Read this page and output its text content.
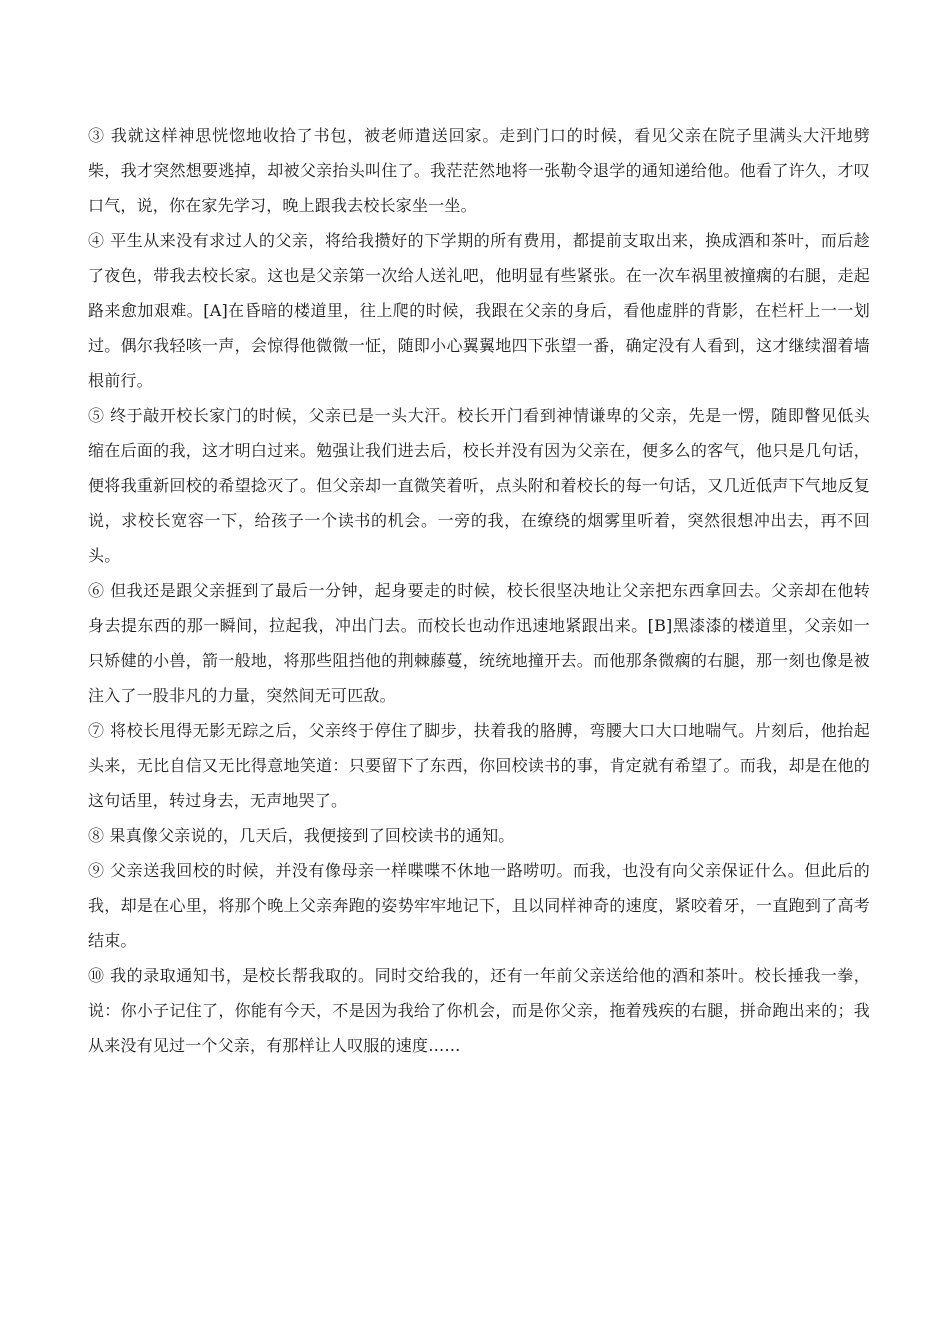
③ 我就这样神思恍惚地收拾了书包，被老师遣送回家。走到门口的时候，看见父亲在院子里满头大汗地劈柴，我才突然想要逃掉，却被父亲抬头叫住了。我茫茫然地将一张勒令退学的通知递给他。他看了许久，才叹口气，说，你在家先学习，晚上跟我去校长家坐一坐。

④ 平生从来没有求过人的父亲，将给我攒好的下学期的所有费用，都提前支取出来，换成酒和茶叶，而后趁了夜色，带我去校长家。这也是父亲第一次给人送礼吧，他明显有些紧张。在一次车祸里被撞瘸的右腿，走起路来愈加艰难。[A]在昏暗的楼道里，往上爬的时候，我跟在父亲的身后，看他虚胖的背影，在栏杆上一一划过。偶尔我轻咳一声，会惊得他微微一怔，随即小心翼翼地四下张望一番，确定没有人看到，这才继续溜着墙根前行。

⑤ 终于敲开校长家门的时候，父亲已是一头大汗。校长开门看到神情谦卑的父亲，先是一愣，随即瞥见低头缩在后面的我，这才明白过来。勉强让我们进去后，校长并没有因为父亲在，便多么的客气，他只是几句话，便将我重新回校的希望捻灭了。但父亲却一直微笑着听，点头附和着校长的每一句话，又几近低声下气地反复说，求校长宽容一下，给孩子一个读书的机会。一旁的我，在缭绕的烟雾里听着，突然很想冲出去，再不回头。

⑥ 但我还是跟父亲捱到了最后一分钟，起身要走的时候，校长很坚决地让父亲把东西拿回去。父亲却在他转身去提东西的那一瞬间，拉起我，冲出门去。而校长也动作迅速地紧跟出来。[B]黑漆漆的楼道里，父亲如一只矫健的小兽，箭一般地，将那些阻挡他的荆棘藤蔓，统统地撞开去。而他那条微瘸的右腿，那一刻也像是被注入了一股非凡的力量，突然间无可匹敌。

⑦ 将校长甩得无影无踪之后，父亲终于停住了脚步，扶着我的胳膊，弯腰大口大口地喘气。片刻后，他抬起头来，无比自信又无比得意地笑道：只要留下了东西，你回校读书的事，肯定就有希望了。而我，却是在他的这句话里，转过身去，无声地哭了。

⑧ 果真像父亲说的，几天后，我便接到了回校读书的通知。

⑨ 父亲送我回校的时候，并没有像母亲一样喋喋不休地一路唠叨。而我，也没有向父亲保证什么。但此后的我，却是在心里，将那个晚上父亲奔跑的姿势牢牢地记下，且以同样神奇的速度，紧咬着牙，一直跑到了高考结束。

⑩ 我的录取通知书，是校长帮我取的。同时交给我的，还有一年前父亲送给他的酒和茶叶。校长捶我一拳，说：你小子记住了，你能有今天，不是因为我给了你机会，而是你父亲，拖着残疾的右腿，拼命跑出来的；我从来没有见过一个父亲，有那样让人叹服的速度……
